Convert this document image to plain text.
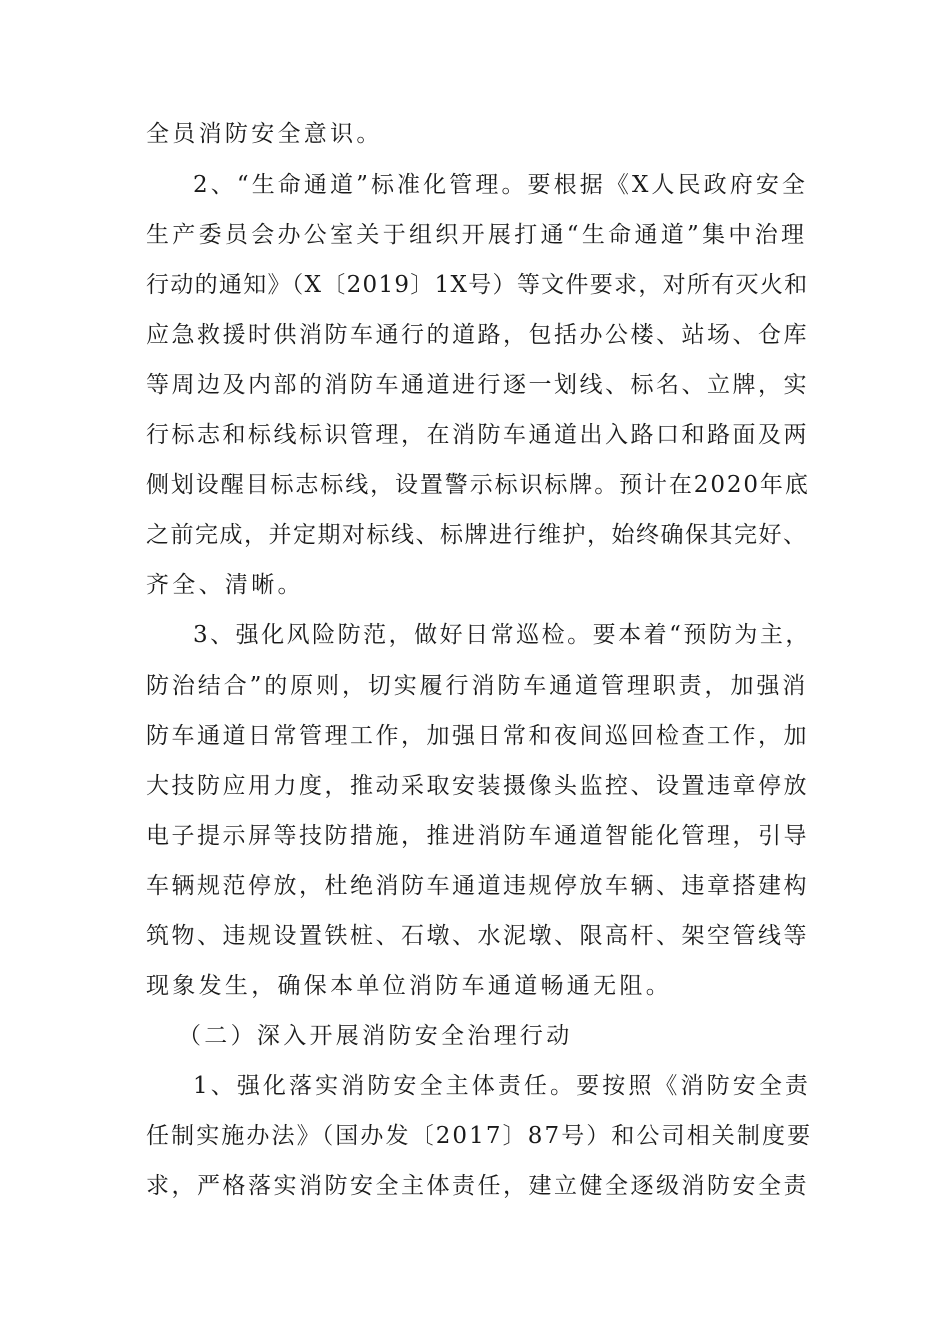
全员消防安全意识。
2、“生命通道”标准化管理。要根据《X人民政府安全
生产委员会办公室关于组织开展打通“生命通道”集中治理
行动的通知》（X〔2019〕1X号）等文件要求，对所有灭火和
应急救援时供消防车通行的道路，包括办公楼、站场、仓库
等周边及内部的消防车通道进行逐一划线、标名、立牌，实
行标志和标线标识管理，在消防车通道出入路口和路面及两
侧划设醒目标志标线，设置警示标识标牌。预计在2020年底
之前完成，并定期对标线、标牌进行维护，始终确保其完好、
齐全、清晰。
3、强化风险防范，做好日常巡检。要本着“预防为主，
防治结合”的原则，切实履行消防车通道管理职责，加强消
防车通道日常管理工作，加强日常和夜间巡回检查工作，加
大技防应用力度，推动采取安装摄像头监控、设置违章停放
电子提示屏等技防措施，推进消防车通道智能化管理，引导
车辆规范停放，杜绝消防车通道违规停放车辆、违章搭建构
筑物、违规设置铁桩、石墩、水泥墩、限高杆、架空管线等
现象发生，确保本单位消防车通道畅通无阻。
（二）深入开展消防安全治理行动
1、强化落实消防安全主体责任。要按照《消防安全责
任制实施办法》（国办发〔2017〕87号）和公司相关制度要
求，严格落实消防安全主体责任，建立健全逐级消防安全责
